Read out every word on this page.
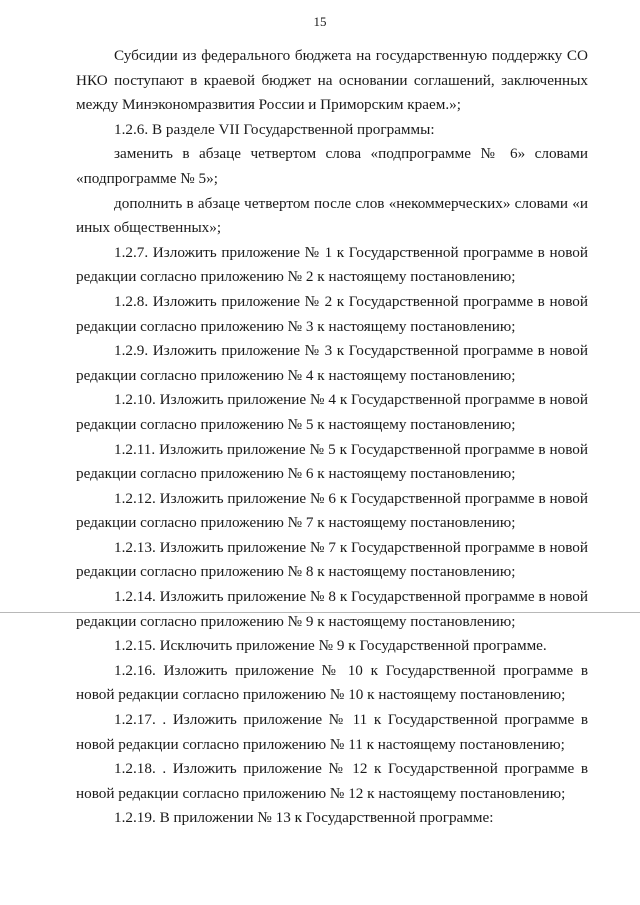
15

Субсидии из федерального бюджета на государственную поддержку СО НКО поступают в краевой бюджет на основании соглашений, заключенных между Минэкономразвития России и Приморским краем.»;

1.2.6. В разделе VII Государственной программы:

заменить в абзаце четвертом слова «подпрограмме № 6» словами «подпрограмме № 5»;

дополнить в абзаце четвертом после слов «некоммерческих» словами «и иных общественных»;

1.2.7. Изложить приложение № 1 к Государственной программе в новой редакции согласно приложению № 2 к настоящему постановлению;

1.2.8. Изложить приложение № 2 к Государственной программе в новой редакции согласно приложению № 3 к настоящему постановлению;

1.2.9. Изложить приложение № 3 к Государственной программе в новой редакции согласно приложению № 4 к настоящему постановлению;

1.2.10. Изложить приложение № 4 к Государственной программе в новой редакции согласно приложению № 5 к настоящему постановлению;

1.2.11. Изложить приложение № 5 к Государственной программе в новой редакции согласно приложению № 6 к настоящему постановлению;

1.2.12. Изложить приложение № 6 к Государственной программе в новой редакции согласно приложению № 7 к настоящему постановлению;

1.2.13. Изложить приложение № 7 к Государственной программе в новой редакции согласно приложению № 8 к настоящему постановлению;

1.2.14. Изложить приложение № 8 к Государственной программе в новой редакции согласно приложению № 9 к настоящему постановлению;

1.2.15. Исключить приложение № 9 к Государственной программе.

1.2.16. Изложить приложение № 10 к Государственной программе в новой редакции согласно приложению № 10 к настоящему постановлению;

1.2.17. . Изложить приложение № 11 к Государственной программе в новой редакции согласно приложению № 11 к настоящему постановлению;

1.2.18. . Изложить приложение № 12 к Государственной программе в новой редакции согласно приложению № 12 к настоящему постановлению;

1.2.19. В приложении № 13 к Государственной программе:
